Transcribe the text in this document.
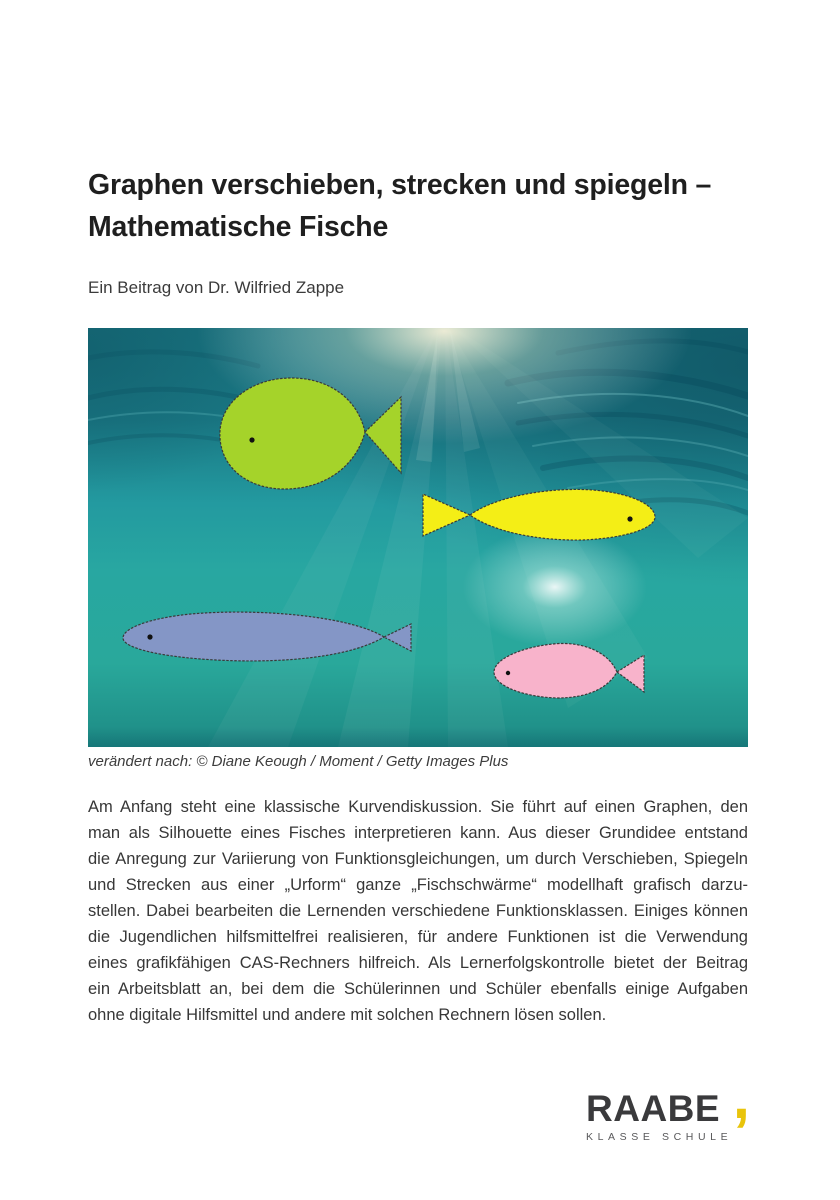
Graphen verschieben, strecken und spiegeln –
Mathematische Fische
Ein Beitrag von Dr. Wilfried Zappe
verändert nach: © Diane Keough / Moment / Getty Images Plus
Am Anfang steht eine klassische Kurvendiskussion. Sie führt auf einen Graphen, den
man als Silhouette eines Fisches interpretieren kann. Aus dieser Grundidee entstand
die Anregung zur Variierung von Funktionsgleichungen, um durch Verschieben, Spiegeln
und Strecken aus einer „Urform“ ganze „Fischschwärme“ modellhaft grafisch darzu-
stellen. Dabei bearbeiten die Lernenden verschiedene Funktionsklassen. Einiges können
die Jugendlichen hilfsmittelfrei realisieren, für andere Funktionen ist die Verwendung
eines grafikfähigen CAS-Rechners hilfreich. Als Lernerfolgskontrolle bietet der Beitrag
ein Arbeitsblatt an, bei dem die Schülerinnen und Schüler ebenfalls einige Aufgaben
ohne digitale Hilfsmittel und andere mit solchen Rechnern lösen sollen.
RAABE ,
KLASSE SCHULE
